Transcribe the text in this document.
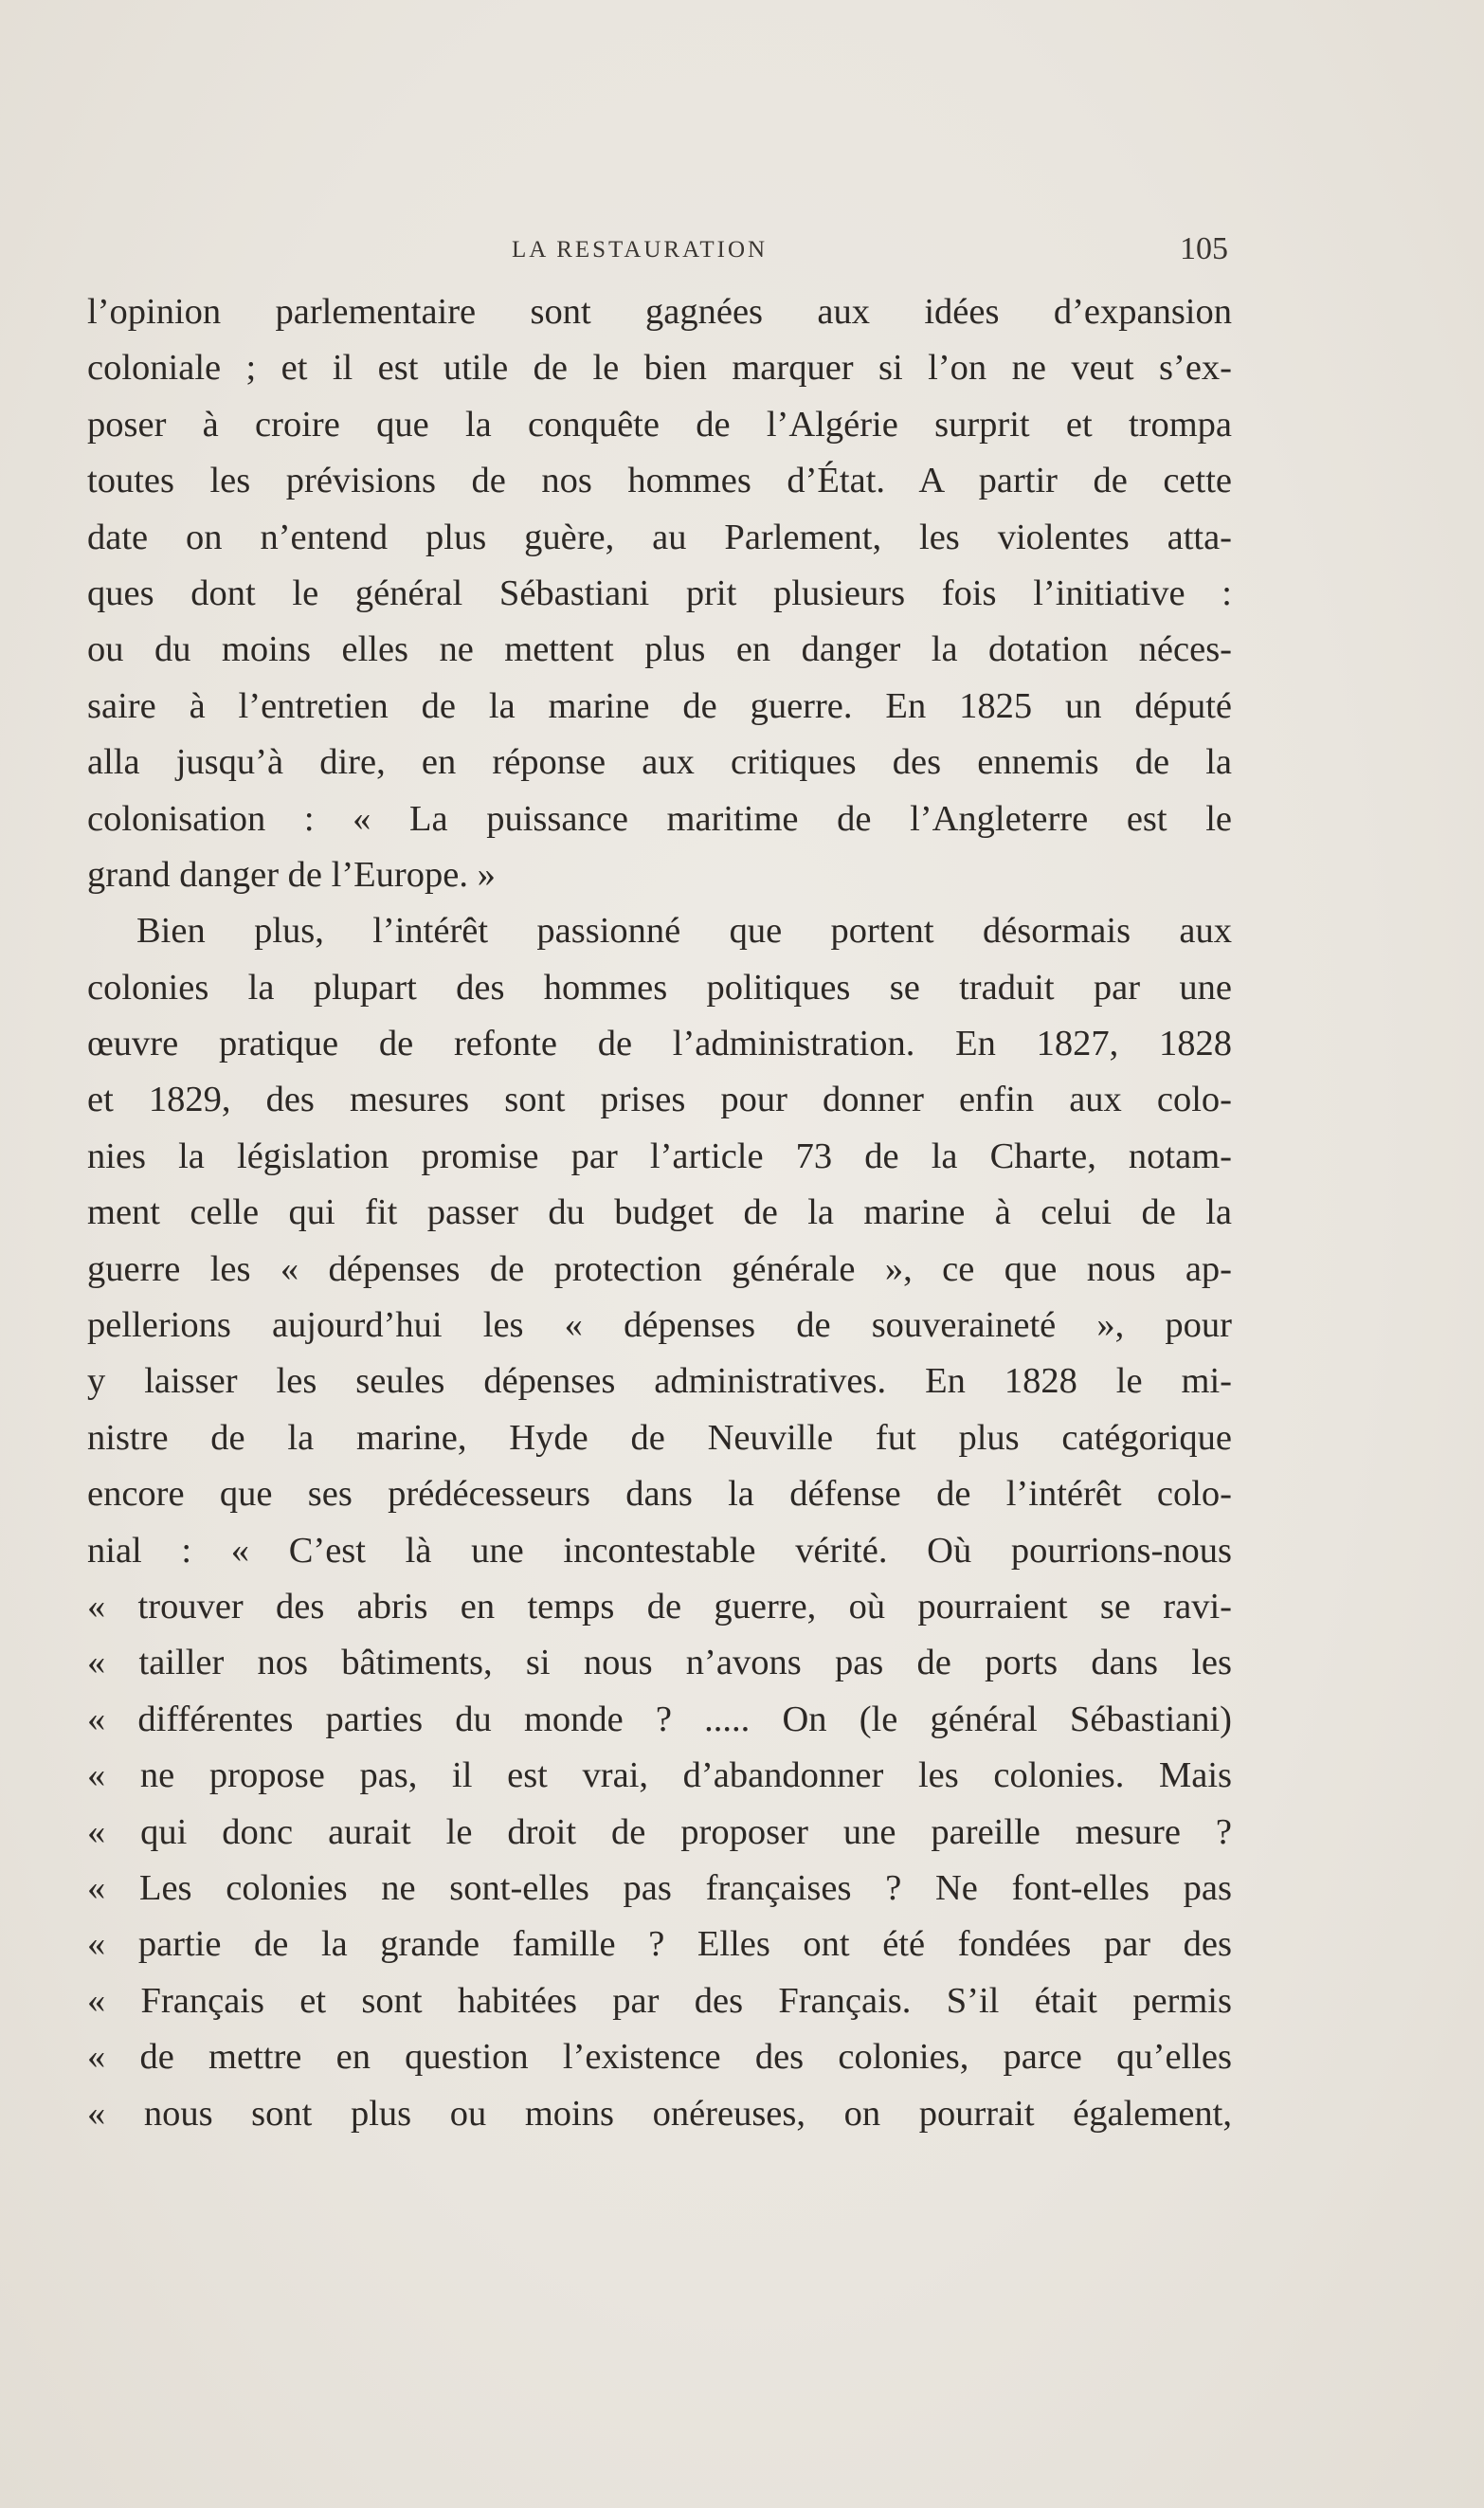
LA RESTAURATION	105
l’opinion parlementaire sont gagnées aux idées d’expansion
coloniale ; et il est utile de le bien marquer si l’on ne veut s’ex-
poser à croire que la conquête de l’Algérie surprit et trompa
toutes les prévisions de nos hommes d’État. A partir de cette
date on n’entend plus guère, au Parlement, les violentes atta-
ques dont le général Sébastiani prit plusieurs fois l’initiative :
ou du moins elles ne mettent plus en danger la dotation néces-
saire à l’entretien de la marine de guerre. En 1825 un député
alla jusqu’à dire, en réponse aux critiques des ennemis de la
colonisation : « La puissance maritime de l’Angleterre est le
grand danger de l’Europe. »
Bien plus, l’intérêt passionné que portent désormais aux
colonies la plupart des hommes politiques se traduit par une
œuvre pratique de refonte de l’administration. En 1827, 1828
et 1829, des mesures sont prises pour donner enfin aux colo-
nies la législation promise par l’article 73 de la Charte, notam-
ment celle qui fit passer du budget de la marine à celui de la
guerre les « dépenses de protection générale », ce que nous ap-
pellerions aujourd’hui les « dépenses de souveraineté », pour
y laisser les seules dépenses administratives. En 1828 le mi-
nistre de la marine, Hyde de Neuville fut plus catégorique
encore que ses prédécesseurs dans la défense de l’intérêt colo-
nial : « C’est là une incontestable vérité. Où pourrions-nous
« trouver des abris en temps de guerre, où pourraient se ravi-
« tailler nos bâtiments, si nous n’avons pas de ports dans les
« différentes parties du monde ? ..... On (le général Sébastiani)
« ne propose pas, il est vrai, d’abandonner les colonies. Mais
« qui donc aurait le droit de proposer une pareille mesure ?
« Les colonies ne sont-elles pas françaises ? Ne font-elles pas
« partie de la grande famille ? Elles ont été fondées par des
« Français et sont habitées par des Français. S’il était permis
« de mettre en question l’existence des colonies, parce qu’elles
« nous sont plus ou moins onéreuses, on pourrait également,
